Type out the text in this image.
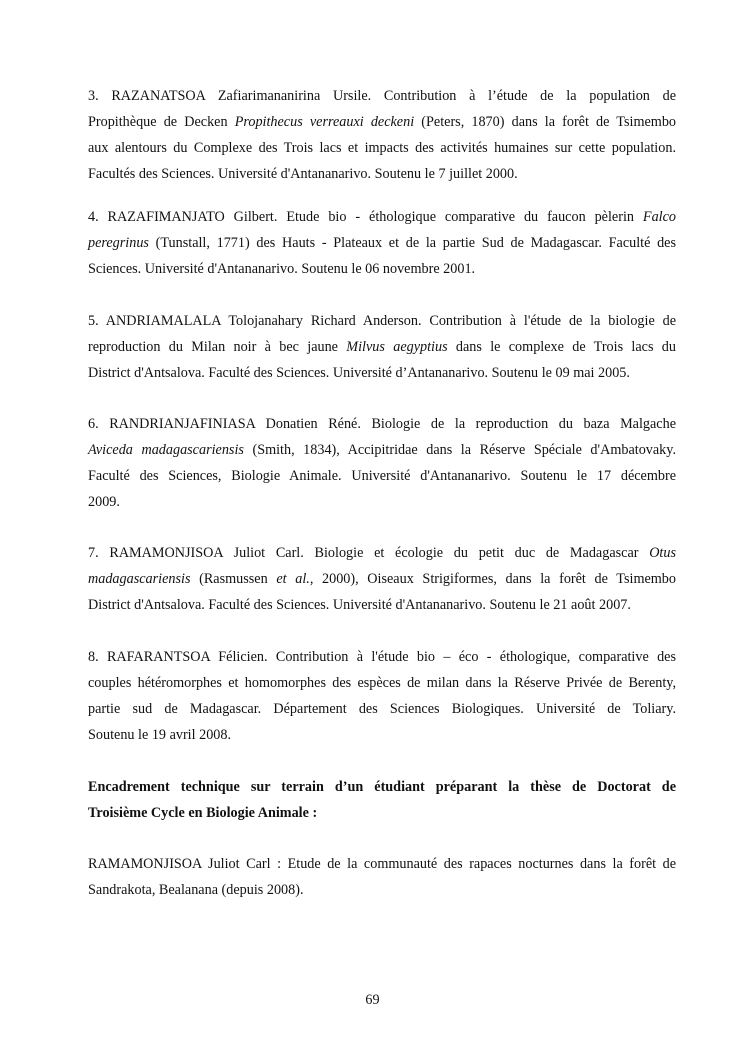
3. RAZANATSOA Zafiarimananirina Ursile. Contribution à l’étude de la population de
Propithèque de Decken Propithecus verreauxi deckeni (Peters, 1870) dans la forêt de Tsimembo
aux alentours du Complexe des Trois lacs et impacts des activités humaines sur cette population.
Facultés des Sciences. Université d'Antananarivo. Soutenu le 7 juillet 2000.
4. RAZAFIMANJATO Gilbert. Etude bio - éthologique comparative du faucon pèlerin Falco
peregrinus (Tunstall, 1771) des Hauts - Plateaux et de la partie Sud de Madagascar. Faculté des
Sciences. Université d'Antananarivo. Soutenu le 06 novembre 2001.
5. ANDRIAMALALA Tolojanahary Richard Anderson. Contribution à l'étude de la biologie de
reproduction du Milan noir à bec jaune Milvus aegyptius dans le complexe de Trois lacs du
District d'Antsalova. Faculté des Sciences. Université d’Antananarivo. Soutenu le 09 mai 2005.
6. RANDRIANJAFINIASA Donatien Réné. Biologie de la reproduction du baza Malgache
Aviceda madagascariensis (Smith, 1834), Accipitridae dans la Réserve Spéciale d'Ambatovaky.
Faculté des Sciences, Biologie Animale. Université d'Antananarivo. Soutenu le 17 décembre
2009.
7. RAMAMONJISOA Juliot Carl. Biologie et écologie du petit duc de Madagascar Otus
madagascariensis (Rasmussen et al., 2000), Oiseaux Strigiformes, dans la forêt de Tsimembo
District d'Antsalova. Faculté des Sciences. Université d'Antananarivo. Soutenu le 21 août 2007.
8. RAFARANTSOA Félicien. Contribution à l'étude bio – éco - éthologique, comparative des
couples hétéromorphes et homomorphes des espèces de milan dans la Réserve Privée de Berenty,
partie sud de Madagascar. Département des Sciences Biologiques. Université de Toliary.
Soutenu le 19 avril 2008.
Encadrement technique sur terrain d’un étudiant préparant la thèse de Doctorat de
Troisième Cycle en Biologie Animale :
RAMAMONJISOA Juliot Carl : Etude de la communauté des rapaces nocturnes dans la forêt de
Sandrakota, Bealanana (depuis 2008).
69
